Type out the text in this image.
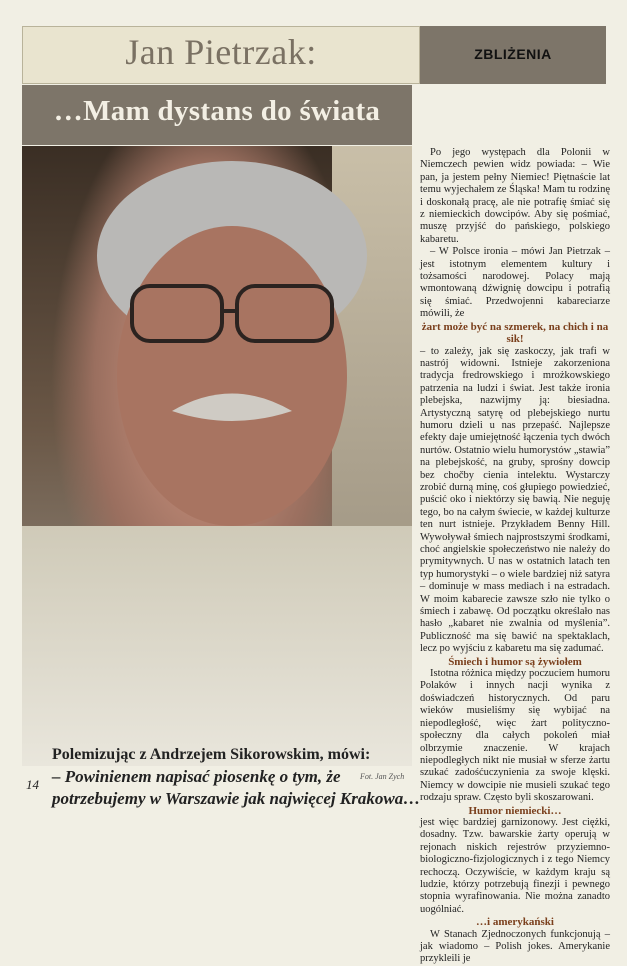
Jan Pietrzak:	ZBLIŻENIA
…Mam dystans do świata
Polemizując z Andrzejem Sikorowskim, mówi:
– Powinienem napisać piosenkę o tym, że potrzebujemy w Warszawie jak najwięcej Krakowa…

Po jego występach dla Polonii w Niemczech pewien widz powiada: – Wie pan, ja jestem pełny Niemiec! Piętnaście lat temu wyjechałem ze Śląska! Mam tu rodzinę i doskonałą pracę, ale nie potrafię śmiać się z niemieckich dowcipów. Aby się pośmiać, muszę przyjść do pańskiego, polskiego kabaretu.

– W Polsce ironia – mówi Jan Pietrzak – jest istotnym elementem kultury i tożsamości narodowej. Polacy mają wmontowaną dźwignię dowcipu i potrafią się śmiać. Przedwojenni kabareciarze mówili, że

żart może być na szmerek, na chich i na sik!

– to zależy, jak się zaskoczy, jak trafi w nastrój widowni. Istnieje zakorzeniona tradycja fredrowskiego i mrożkowskiego patrzenia na ludzi i świat. Jest także ironia plebejska, nazwijmy ją: biesiadna. Artystyczną satyrę od plebejskiego nurtu humoru dzieli u nas przepaść. Najlepsze efekty daje umiejętność łączenia tych dwóch nurtów. Ostatnio wielu humorystów „stawia” na plebejskość, na gruby, sprośny dowcip bez chočby cienia intelektu. Wystarczy zrobić durną minę, coś głupiego powiedzieć, puścić oko i niektórzy się bawią. Nie neguję tego, bo na całym świecie, w każdej kulturze ten nurt istnieje. Przykładem Benny Hill. Wywoływał śmiech najprostszymi środkami, choć angielskie społeczeństwo nie należy do prymitywnych. U nas w ostatnich latach ten typ humorystyki – o wiele bardziej niż satyra – dominuje w mass mediach i na estradach. W moim kabarecie zawsze szło nie tylko o śmiech i zabawę. Od początku określało nas hasło „kabaret nie zwalnia od myślenia”. Publiczność ma się bawić na spektaklach, lecz po wyjściu z kabaretu ma się zadumać.

Śmiech i humor są żywiołem

Istotna różnica między poczuciem humoru Polaków i innych nacji wynika z doświadczeń historycznych. Od paru wieków musieliśmy się wybijać na niepodległość, więc żart polityczno-społeczny dla całych pokoleń miał olbrzymie znaczenie. W krajach niepodległych nikt nie musiał w sferze żartu szukać zadośćuczynienia za swoje klęski. Niemcy w dowcipie nie musieli szukać tego rodzaju spraw. Często byli skoszarowani.

Humor niemiecki…

jest więc bardziej garnizonowy. Jest ciężki, dosadny. Tzw. bawarskie żarty operują w rejonach niskich rejestrów przyziemno-biologiczno-fizjologicznych i z tego Niemcy rechoczą. Oczywiście, w każdym kraju są ludzie, którzy potrzebują finezji i pewnego stopnia wyrafinowania. Nie można zanadto uogólniać.

…i amerykański

W Stanach Zjednoczonych funkcjonują – jak wiadomo – Polish jokes. Amerykanie przykleili je

14
Fot. Jan Zych
